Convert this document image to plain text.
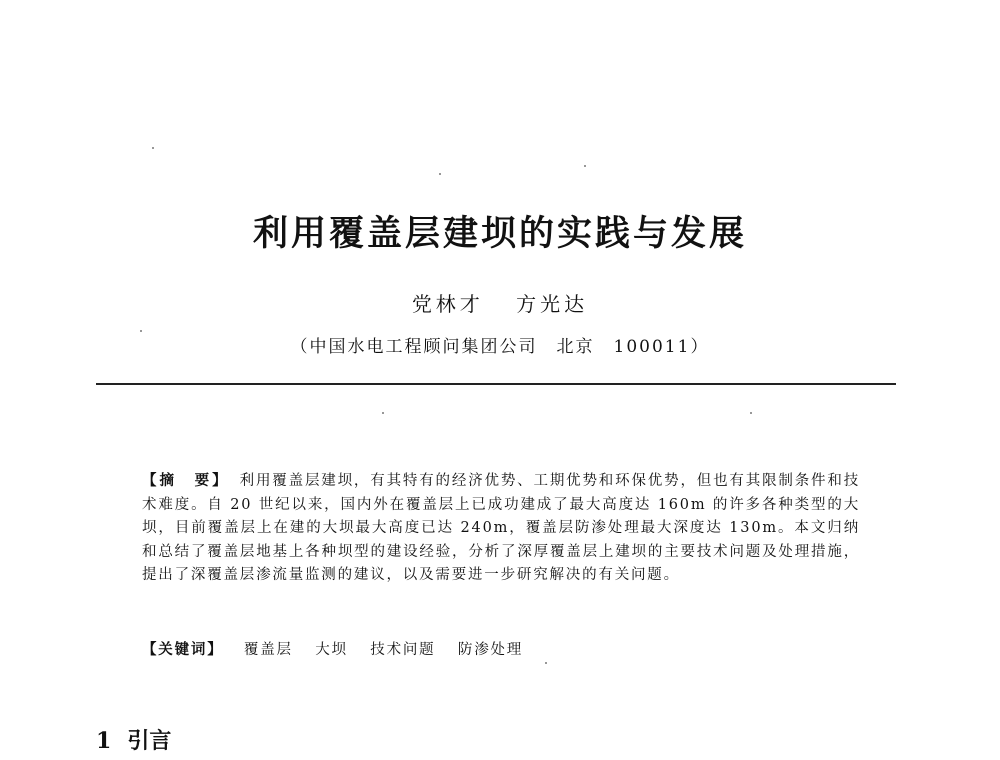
利用覆盖层建坝的实践与发展
党林才 方光达
（中国水电工程顾问集团公司　北京　100011）
【摘　要】 利用覆盖层建坝，有其特有的经济优势、工期优势和环保优势，但也有其限制条件和技术难度。自 20 世纪以来，国内外在覆盖层上已成功建成了最大高度达 160m 的许多各种类型的大坝，目前覆盖层上在建的大坝最大高度已达 240m，覆盖层防渗处理最大深度达 130m。本文归纳和总结了覆盖层地基上各种坝型的建设经验，分析了深厚覆盖层上建坝的主要技术问题及处理措施，提出了深覆盖层渗流量监测的建议，以及需要进一步研究解决的有关问题。
【关键词】 覆盖层 大坝 技术问题 防渗处理
1 引言
